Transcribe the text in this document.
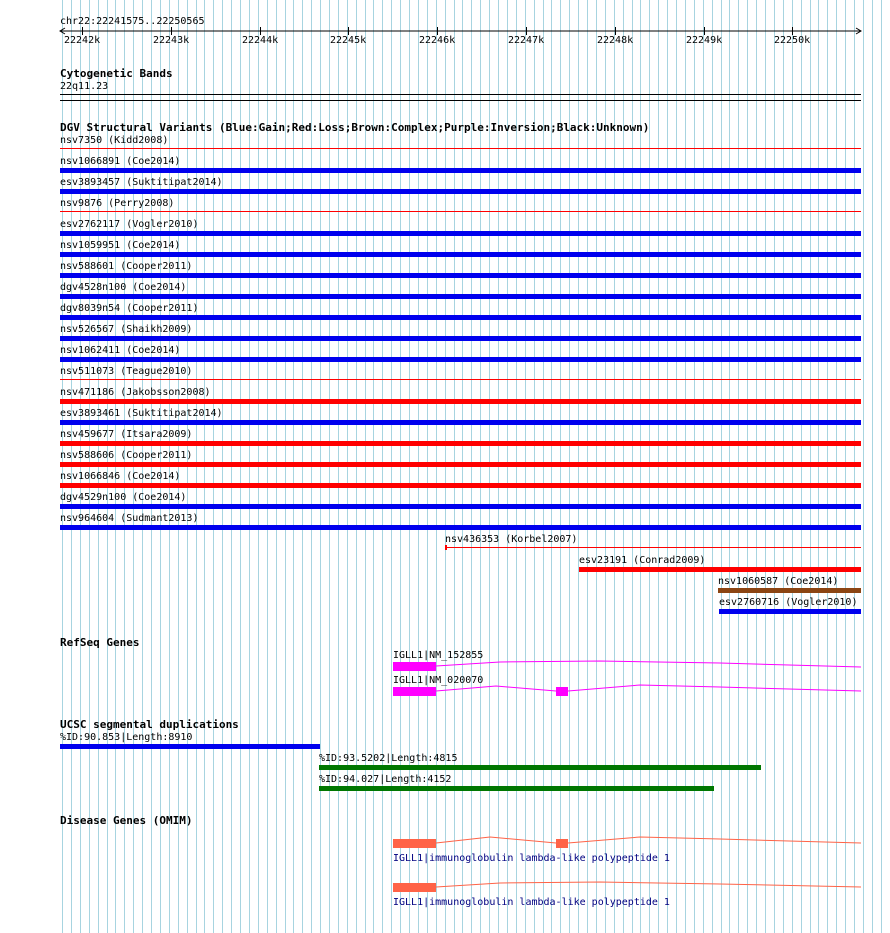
chr22:22241575..22250565
22242k	22243k	22244k	22245k	22246k	22247k	22248k	22249k	22250k
Cytogenetic Bands
22q11.23
DGV Structural Variants (Blue:Gain;Red:Loss;Brown:Complex;Purple:Inversion;Black:Unknown)
nsv7350 (Kidd2008)
nsv1066891 (Coe2014)
esv3893457 (Suktitipat2014)
nsv9876 (Perry2008)
esv2762117 (Vogler2010)
nsv1059951 (Coe2014)
nsv588601 (Cooper2011)
dgv4528n100 (Coe2014)
dgv8039n54 (Cooper2011)
nsv526567 (Shaikh2009)
nsv1062411 (Coe2014)
nsv511073 (Teague2010)
nsv471186 (Jakobsson2008)
esv3893461 (Suktitipat2014)
nsv459677 (Itsara2009)
nsv588606 (Cooper2011)
nsv1066846 (Coe2014)
dgv4529n100 (Coe2014)
nsv964604 (Sudmant2013)
nsv436353 (Korbel2007)
esv23191 (Conrad2009)
nsv1060587 (Coe2014)
esv2760716 (Vogler2010)
RefSeq Genes
IGLL1|NM_152855
IGLL1|NM_020070
UCSC segmental duplications
%ID:90.853|Length:8910
%ID:93.5202|Length:4815
%ID:94.027|Length:4152
Disease Genes (OMIM)
IGLL1|immunoglobulin lambda-like polypeptide 1
IGLL1|immunoglobulin lambda-like polypeptide 1
